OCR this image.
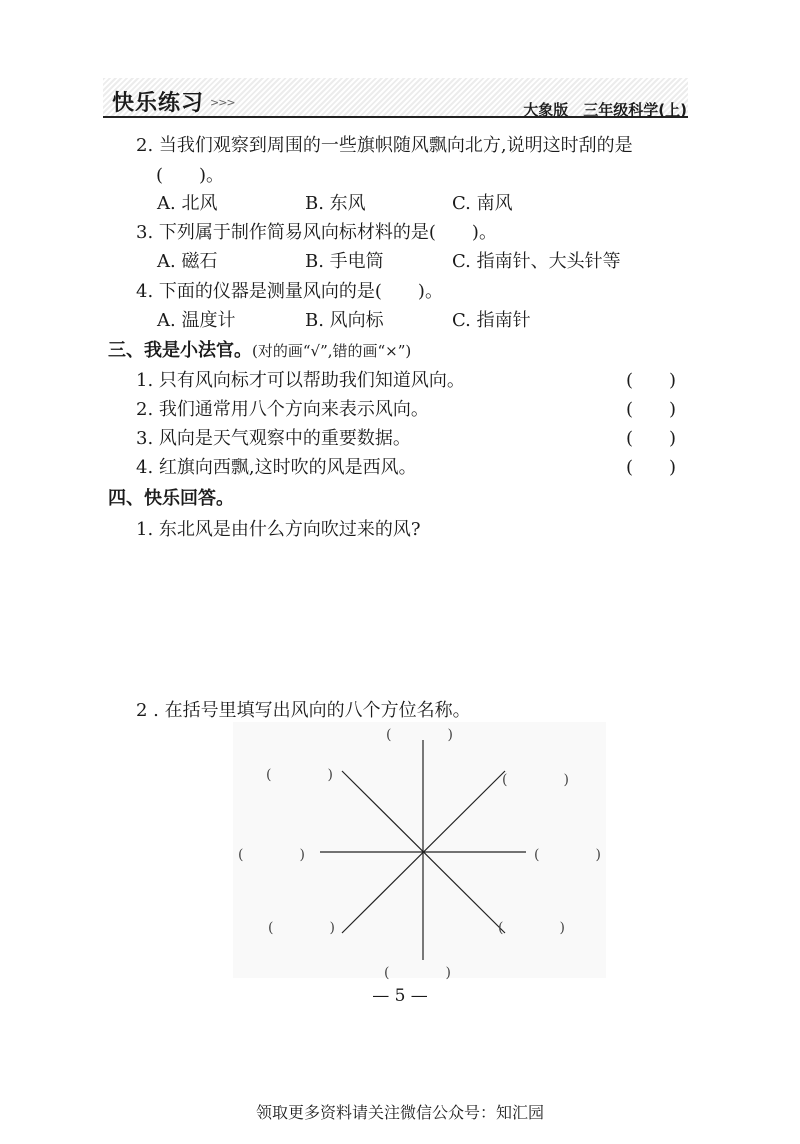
快乐练习 >>>	大象版　三年级科学(上)
2. 当我们观察到周围的一些旗帜随风飘向北方,说明这时刮的是
(　　)。
A. 北风	B. 东风	C. 南风
3. 下列属于制作简易风向标材料的是(　　)。
A. 磁石	B. 手电筒	C. 指南针、大头针等
4. 下面的仪器是测量风向的是(　　)。
A. 温度计	B. 风向标	C. 指南针
三、我是小法官。(对的画“√”,错的画“×”)
1. 只有风向标才可以帮助我们知道风向。	(　　)
2. 我们通常用八个方向来表示风向。	(　　)
3. 风向是天气观察中的重要数据。	(　　)
4. 红旗向西飘,这时吹的风是西风。	(　　)
四、快乐回答。
1. 东北风是由什么方向吹过来的风?
2 . 在括号里填写出风向的八个方位名称。
(　　　　)
(　　　　)	(　　　　)
(　　　　)	(　　　　)
(　　　　)	(　　　　)
(　　　　)
— 5 —
领取更多资料请关注微信公众号：知汇园
